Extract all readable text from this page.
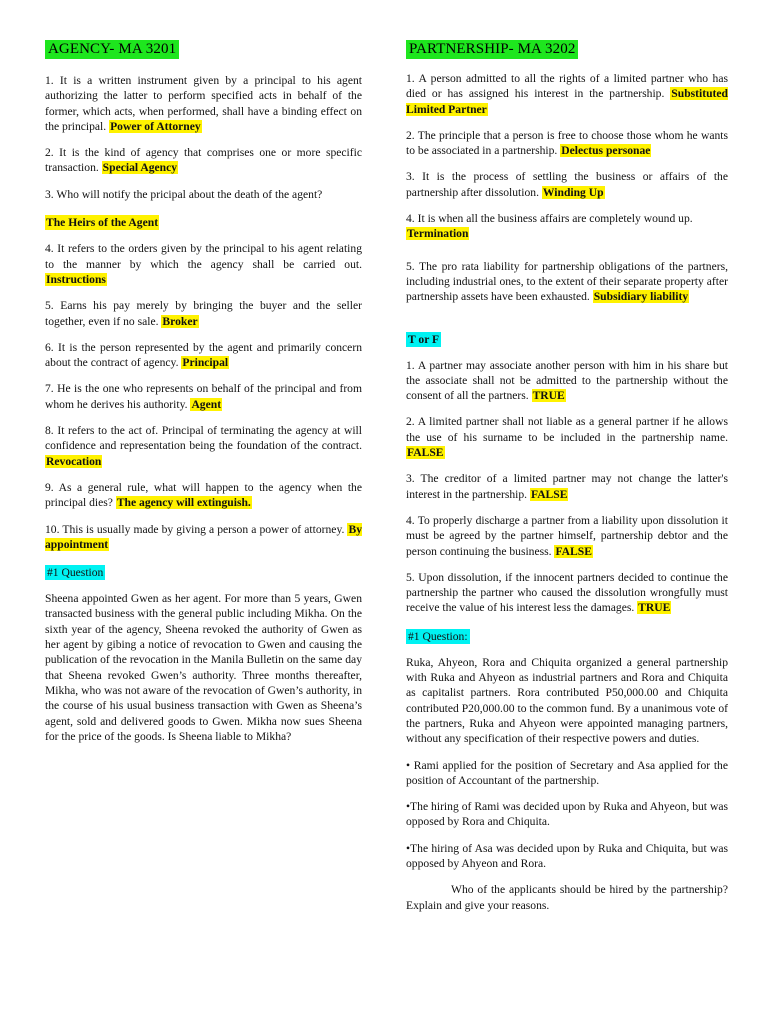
AGENCY- MA 3201

1. It is a written instrument given by a principal to his agent authorizing the latter to perform specified acts in behalf of the former, which acts, when performed, shall have a binding effect on the principal. Power of Attorney

2. It is the kind of agency that comprises one or more specific transaction. Special Agency

3. Who will notify the pricipal about the death of the agent?

The Heirs of the Agent

4. It refers to the orders given by the principal to his agent relating to the manner by which the agency shall be carried out. Instructions

5. Earns his pay merely by bringing the buyer and the seller together, even if no sale. Broker

6. It is the person represented by the agent and primarily concern about the contract of agency. Principal

7. He is the one who represents on behalf of the principal and from whom he derives his authority. Agent

8. It refers to the act of. Principal of terminating the agency at will confidence and representation being the foundation of the contract. Revocation

9. As a general rule, what will happen to the agency when the principal dies? The agency will extinguish.

10. This is usually made by giving a person a power of attorney. By appointment

#1 Question

Sheena appointed Gwen as her agent. For more than 5 years, Gwen transacted business with the general public including Mikha. On the sixth year of the agency, Sheena revoked the authority of Gwen as her agent by gibing a notice of revocation to Gwen and causing the publication of the revocation in the Manila Bulletin on the same day that Sheena revoked Gwen’s authority. Three months thereafter, Mikha, who was not aware of the revocation of Gwen’s authority, in the course of his usual business transaction with Gwen as Sheena’s agent, sold and delivered goods to Gwen. Mikha now sues Sheena for the price of the goods. Is Sheena liable to Mikha?

PARTNERSHIP- MA 3202

1. A person admitted to all the rights of a limited partner who has died or has assigned his interest in the partnership. Substituted Limited Partner

2. The principle that a person is free to choose those whom he wants to be associated in a partnership. Delectus personae

3. It is the process of settling the business or affairs of the partnership after dissolution. Winding Up

4. It is when all the business affairs are completely wound up.
Termination

5. The pro rata liability for partnership obligations of the partners, including industrial ones, to the extent of their separate property after partnership assets have been exhausted. Subsidiary liability

T or F

1. A partner may associate another person with him in his share but the associate shall not be admitted to the partnership without the consent of all the partners. TRUE

2. A limited partner shall not liable as a general partner if he allows the use of his surname to be included in the partnership name. FALSE

3. The creditor of a limited partner may not change the latter's interest in the partnership. FALSE

4. To properly discharge a partner from a liability upon dissolution it must be agreed by the partner himself, partnership debtor and the person continuing the business. FALSE

5. Upon dissolution, if the innocent partners decided to continue the partnership the partner who caused the dissolution wrongfully must receive the value of his interest less the damages. TRUE

#1 Question:

Ruka, Ahyeon, Rora and Chiquita organized a general partnership with Ruka and Ahyeon as industrial partners and Rora and Chiquita as capitalist partners. Rora contributed P50,000.00 and Chiquita contributed P20,000.00 to the common fund. By a unanimous vote of the partners, Ruka and Ahyeon were appointed managing partners, without any specification of their respective powers and duties.

• Rami applied for the position of Secretary and Asa applied for the position of Accountant of the partnership.

•The hiring of Rami was decided upon by Ruka and Ahyeon, but was opposed by Rora and Chiquita.

•The hiring of Asa was decided upon by Ruka and Chiquita, but was opposed by Ahyeon and Rora.

Who of the applicants should be hired by the partnership? Explain and give your reasons.
